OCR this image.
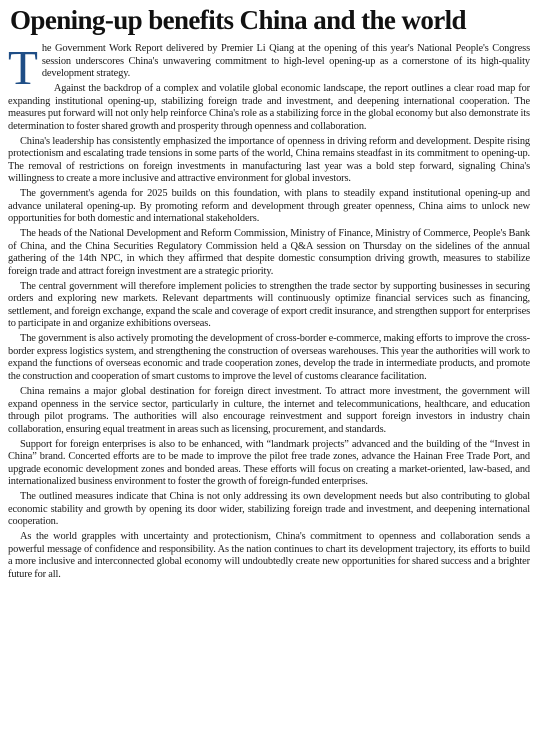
Opening-up benefits China and the world

The Government Work Report delivered by Premier Li Qiang at the opening of this year's National People's Congress session underscores China's unwavering commitment to high-level opening-up as a cornerstone of its high-quality development strategy.

Against the backdrop of a complex and volatile global economic landscape, the report outlines a clear road map for expanding institutional opening-up, stabilizing foreign trade and investment, and deepening international cooperation. The measures put forward will not only help reinforce China's role as a stabilizing force in the global economy but also demonstrate its determination to foster shared growth and prosperity through openness and collaboration.

China's leadership has consistently emphasized the importance of openness in driving reform and development. Despite rising protectionism and escalating trade tensions in some parts of the world, China remains steadfast in its commitment to opening-up. The removal of restrictions on foreign investments in manufacturing last year was a bold step forward, signaling China's willingness to create a more inclusive and attractive environment for global investors.

The government's agenda for 2025 builds on this foundation, with plans to steadily expand institutional opening-up and advance unilateral opening-up. By promoting reform and development through greater openness, China aims to unlock new opportunities for both domestic and international stakeholders.

The heads of the National Development and Reform Commission, Ministry of Finance, Ministry of Commerce, People's Bank of China, and the China Securities Regulatory Commission held a Q&A session on Thursday on the sidelines of the annual gathering of the 14th NPC, in which they affirmed that despite domestic consumption driving growth, measures to stabilize foreign trade and attract foreign investment are a strategic priority.

The central government will therefore implement policies to strengthen the trade sector by supporting businesses in securing orders and exploring new markets. Relevant departments will continuously optimize financial services such as financing, settlement, and foreign exchange, expand the scale and coverage of export credit insurance, and strengthen support for enterprises to participate in and organize exhibitions overseas.

The government is also actively promoting the development of cross-border e-commerce, making efforts to improve the cross-border express logistics system, and strengthening the construction of overseas warehouses. This year the authorities will work to expand the functions of overseas economic and trade cooperation zones, develop the trade in intermediate products, and promote the construction and cooperation of smart customs to improve the level of customs clearance facilitation.

China remains a major global destination for foreign direct investment. To attract more investment, the government will expand openness in the service sector, particularly in culture, the internet and telecommunications, healthcare, and education through pilot programs. The authorities will also encourage reinvestment and support foreign investors in industry chain collaboration, ensuring equal treatment in areas such as licensing, procurement, and standards.

Support for foreign enterprises is also to be enhanced, with “landmark projects” advanced and the building of the “Invest in China” brand. Concerted efforts are to be made to improve the pilot free trade zones, advance the Hainan Free Trade Port, and upgrade economic development zones and bonded areas. These efforts will focus on creating a market-oriented, law-based, and internationalized business environment to foster the growth of foreign-funded enterprises.

The outlined measures indicate that China is not only addressing its own development needs but also contributing to global economic stability and growth by opening its door wider, stabilizing foreign trade and investment, and deepening international cooperation.

As the world grapples with uncertainty and protectionism, China's commitment to openness and collaboration sends a powerful message of confidence and responsibility. As the nation continues to chart its development trajectory, its efforts to build a more inclusive and interconnected global economy will undoubtedly create new opportunities for shared success and a brighter future for all.
